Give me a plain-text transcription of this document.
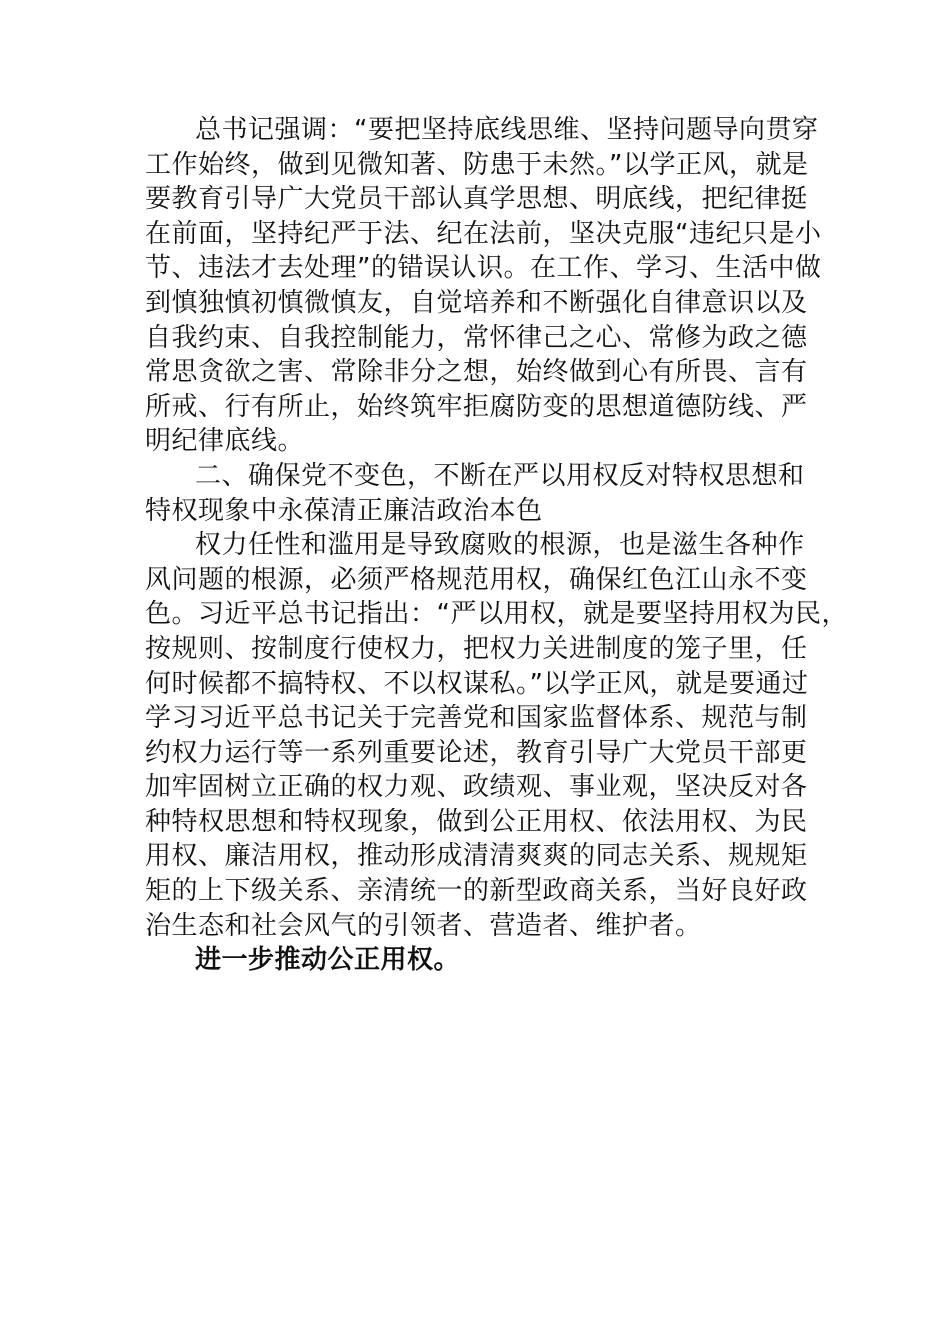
总书记强调：“要把坚持底线思维、坚持问题导向贯穿
工作始终，做到见微知著、防患于未然。”以学正风，就是
要教育引导广大党员干部认真学思想、明底线，把纪律挺
在前面，坚持纪严于法、纪在法前，坚决克服“违纪只是小
节、违法才去处理”的错误认识。在工作、学习、生活中做
到慎独慎初慎微慎友，自觉培养和不断强化自律意识以及
自我约束、自我控制能力，常怀律己之心、常修为政之德
常思贪欲之害、常除非分之想，始终做到心有所畏、言有
所戒、行有所止，始终筑牢拒腐防变的思想道德防线、严
明纪律底线。
二、确保党不变色，不断在严以用权反对特权思想和
特权现象中永葆清正廉洁政治本色
权力任性和滥用是导致腐败的根源，也是滋生各种作
风问题的根源，必须严格规范用权，确保红色江山永不变
色。习近平总书记指出：“严以用权，就是要坚持用权为民，
按规则、按制度行使权力，把权力关进制度的笼子里，任
何时候都不搞特权、不以权谋私。”以学正风，就是要通过
学习习近平总书记关于完善党和国家监督体系、规范与制
约权力运行等一系列重要论述，教育引导广大党员干部更
加牢固树立正确的权力观、政绩观、事业观，坚决反对各
种特权思想和特权现象，做到公正用权、依法用权、为民
用权、廉洁用权，推动形成清清爽爽的同志关系、规规矩
矩的上下级关系、亲清统一的新型政商关系，当好良好政
治生态和社会风气的引领者、营造者、维护者。
进一步推动公正用权。
